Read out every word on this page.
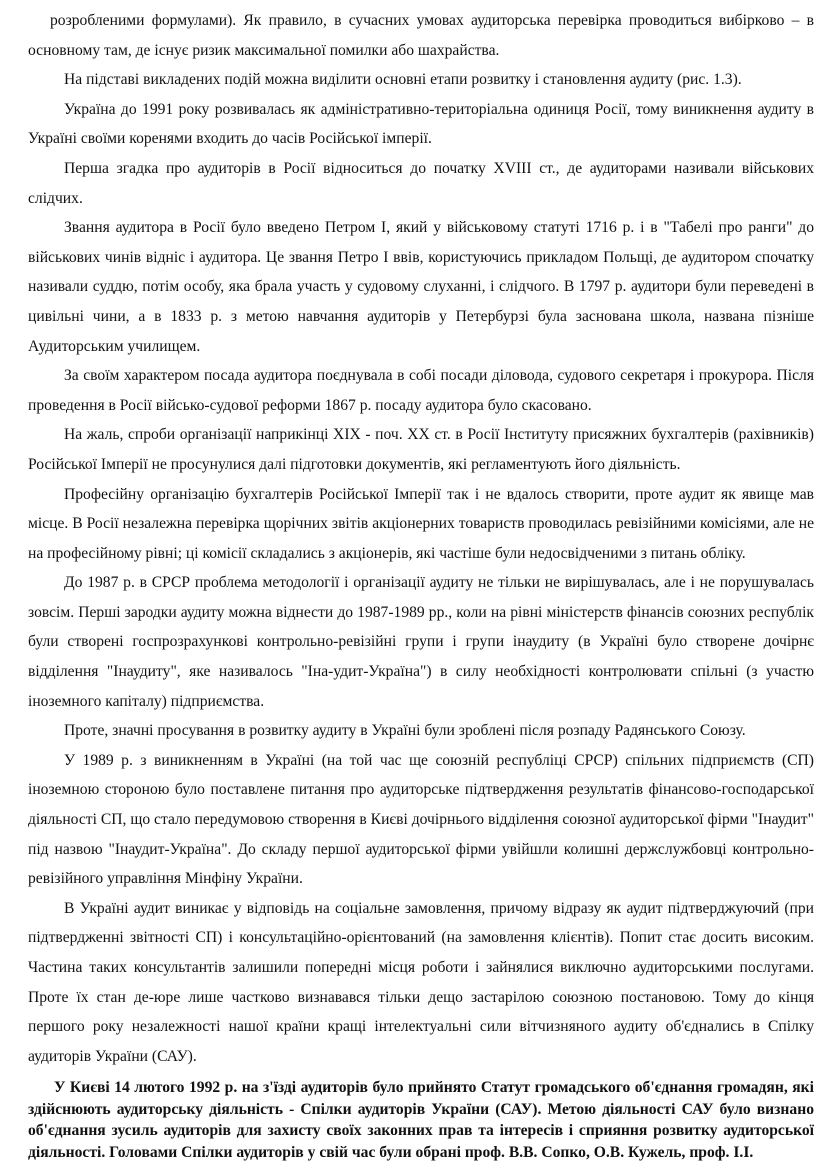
розробленими формулами). Як правило, в сучасних умовах аудиторська перевірка проводиться вибірково – в основному там, де існує ризик максимальної помилки або шахрайства.

На підставі викладених подій можна виділити основні етапи розвитку і становлення аудиту (рис. 1.3).

Україна до 1991 року розвивалась як адміністративно-територіальна одиниця Росії, тому виникнення аудиту в Україні своїми коренями входить до часів Російської імперії.

Перша згадка про аудиторів в Росії відноситься до початку XVIII ст., де аудиторами називали військових слідчих.

Звання аудитора в Росії було введено Петром I, який у військовому статуті 1716 р. і в "Табелі про ранги" до військових чинів відніс і аудитора. Це звання Петро I ввів, користуючись прикладом Польщі, де аудитором спочатку називали суддю, потім особу, яка брала участь у судовому слуханні, і слідчого. В 1797 р. аудитори були переведені в цивільні чини, а в 1833 р. з метою навчання аудиторів у Петербурзі була заснована школа, названа пізніше Аудиторським училищем.

За своїм характером посада аудитора поєднувала в собі посади діловода, судового секретаря і прокурора. Після проведення в Росії військо-судової реформи 1867 р. посаду аудитора було скасовано.

На жаль, спроби організації наприкінці XIX - поч. XX ст. в Росії Інституту присяжних бухгалтерів (рахівників) Російської Імперії не просунулися далі підготовки документів, які регламентують його діяльність.

Професійну організацію бухгалтерів Російської Імперії так і не вдалось створити, проте аудит як явище мав місце. В Росії незалежна перевірка щорічних звітів акціонерних товариств проводилась ревізійними комісіями, але не на професійному рівні; ці комісії складались з акціонерів, які частіше були недосвідченими з питань обліку.

До 1987 р. в СРСР проблема методології і організації аудиту не тільки не вирішувалась, але і не порушувалась зовсім. Перші зародки аудиту можна віднести до 1987-1989 рр., коли на рівні міністерств фінансів союзних республік були створені госпрозрахункові контрольно-ревізійні групи і групи інаудиту (в Україні було створене дочірнє відділення "Інаудиту", яке називалось "Іна-удит-Україна") в силу необхідності контролювати спільні (з участю іноземного капіталу) підприємства.

Проте, значні просування в розвитку аудиту в Україні були зроблені після розпаду Радянського Союзу.

У 1989 р. з виникненням в Україні (на той час ще союзній республіці СРСР) спільних підприємств (СП) іноземною стороною було поставлене питання про аудиторське підтвердження результатів фінансово-господарської діяльності СП, що стало передумовою створення в Києві дочірнього відділення союзної аудиторської фірми "Інаудит" під назвою "Інаудит-Україна". До складу першої аудиторської фірми увійшли колишні держслужбовці контрольно-ревізійного управління Мінфіну України.

В Україні аудит виникає у відповідь на соціальне замовлення, причому відразу як аудит підтверджуючий (при підтвердженні звітності СП) і консультаційно-орієнтований (на замовлення клієнтів). Попит стає досить високим. Частина таких консультантів залишили попередні місця роботи і зайнялися виключно аудиторськими послугами. Проте їх стан де-юре лише частково визнавався тільки дещо застарілою союзною постановою. Тому до кінця першого року незалежності нашої країни кращі інтелектуальні сили вітчизняного аудиту об'єднались в Спілку аудиторів України (САУ).

У Києві 14 лютого 1992 р. на з'їзді аудиторів було прийнято Статут громадського об'єднання громадян, які здійснюють аудиторську діяльність - Спілки аудиторів України (САУ). Метою діяльності САУ було визнано об'єднання зусиль аудиторів для захисту своїх законних прав та інтересів і сприяння розвитку аудиторської діяльності. Головами Спілки аудиторів у свій час були обрані проф. В.В. Сопко, О.В. Кужель, проф. І.І.
